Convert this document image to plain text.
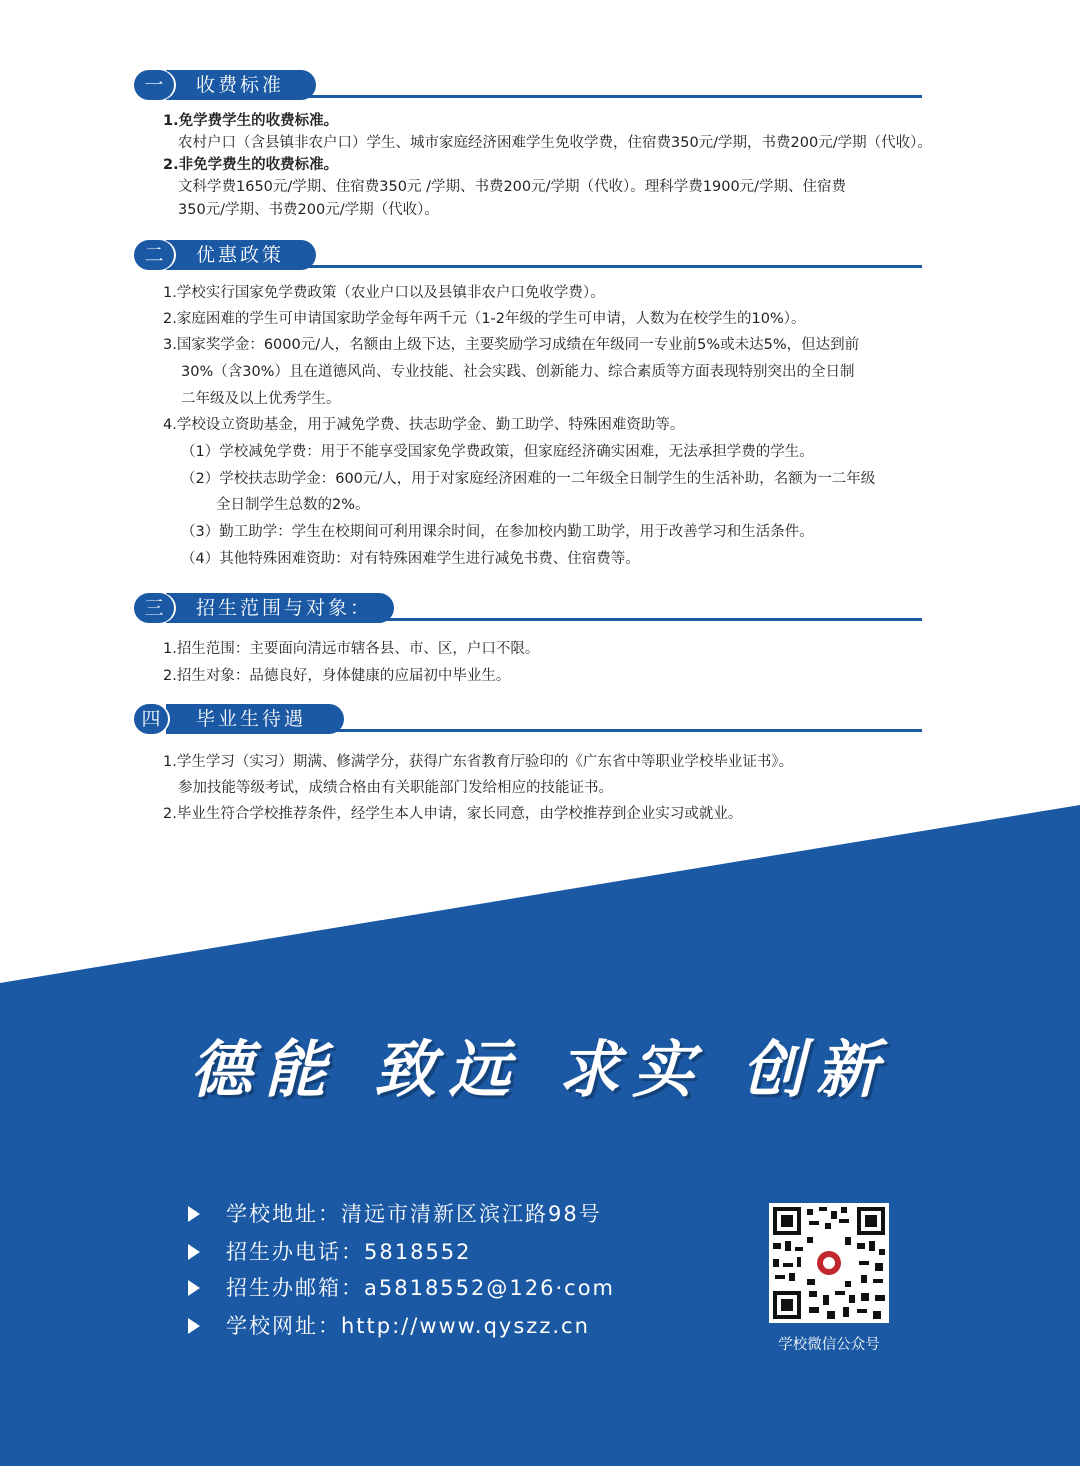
一	收费标准
1.免学费学生的收费标准。
农村户口（含县镇非农户口）学生、城市家庭经济困难学生免收学费，住宿费350元/学期，书费200元/学期（代收）。
2.非免学费生的收费标准。
文科学费1650元/学期、住宿费350元 /学期、书费200元/学期（代收）。理科学费1900元/学期、住宿费
350元/学期、书费200元/学期（代收）。
二	优惠政策
1.学校实行国家免学费政策（农业户口以及县镇非农户口免收学费）。
2.家庭困难的学生可申请国家助学金每年两千元（1-2年级的学生可申请，人数为在校学生的10%）。
3.国家奖学金：6000元/人，名额由上级下达，主要奖励学习成绩在年级同一专业前5%或未达5%，但达到前
30%（含30%）且在道德风尚、专业技能、社会实践、创新能力、综合素质等方面表现特别突出的全日制
二年级及以上优秀学生。
4.学校设立资助基金，用于减免学费、扶志助学金、勤工助学、特殊困难资助等。
（1）学校减免学费：用于不能享受国家免学费政策，但家庭经济确实困难，无法承担学费的学生。
（2）学校扶志助学金：600元/人，用于对家庭经济困难的一二年级全日制学生的生活补助，名额为一二年级
全日制学生总数的2%。
（3）勤工助学：学生在校期间可利用课余时间，在参加校内勤工助学，用于改善学习和生活条件。
（4）其他特殊困难资助：对有特殊困难学生进行减免书费、住宿费等。
三	招生范围与对象：
1.招生范围：主要面向清远市辖各县、市、区，户口不限。
2.招生对象：品德良好，身体健康的应届初中毕业生。
四	毕业生待遇
1.学生学习（实习）期满、修满学分，获得广东省教育厅验印的《广东省中等职业学校毕业证书》。
参加技能等级考试，成绩合格由有关职能部门发给相应的技能证书。
2.毕业生符合学校推荐条件，经学生本人申请，家长同意，由学校推荐到企业实习或就业。
德能 致远 求实 创新
学校地址：清远市清新区滨江路98号
招生办电话：5818552
招生办邮箱：a5818552@126·com
学校网址：http://www.qyszz.cn
学校微信公众号
